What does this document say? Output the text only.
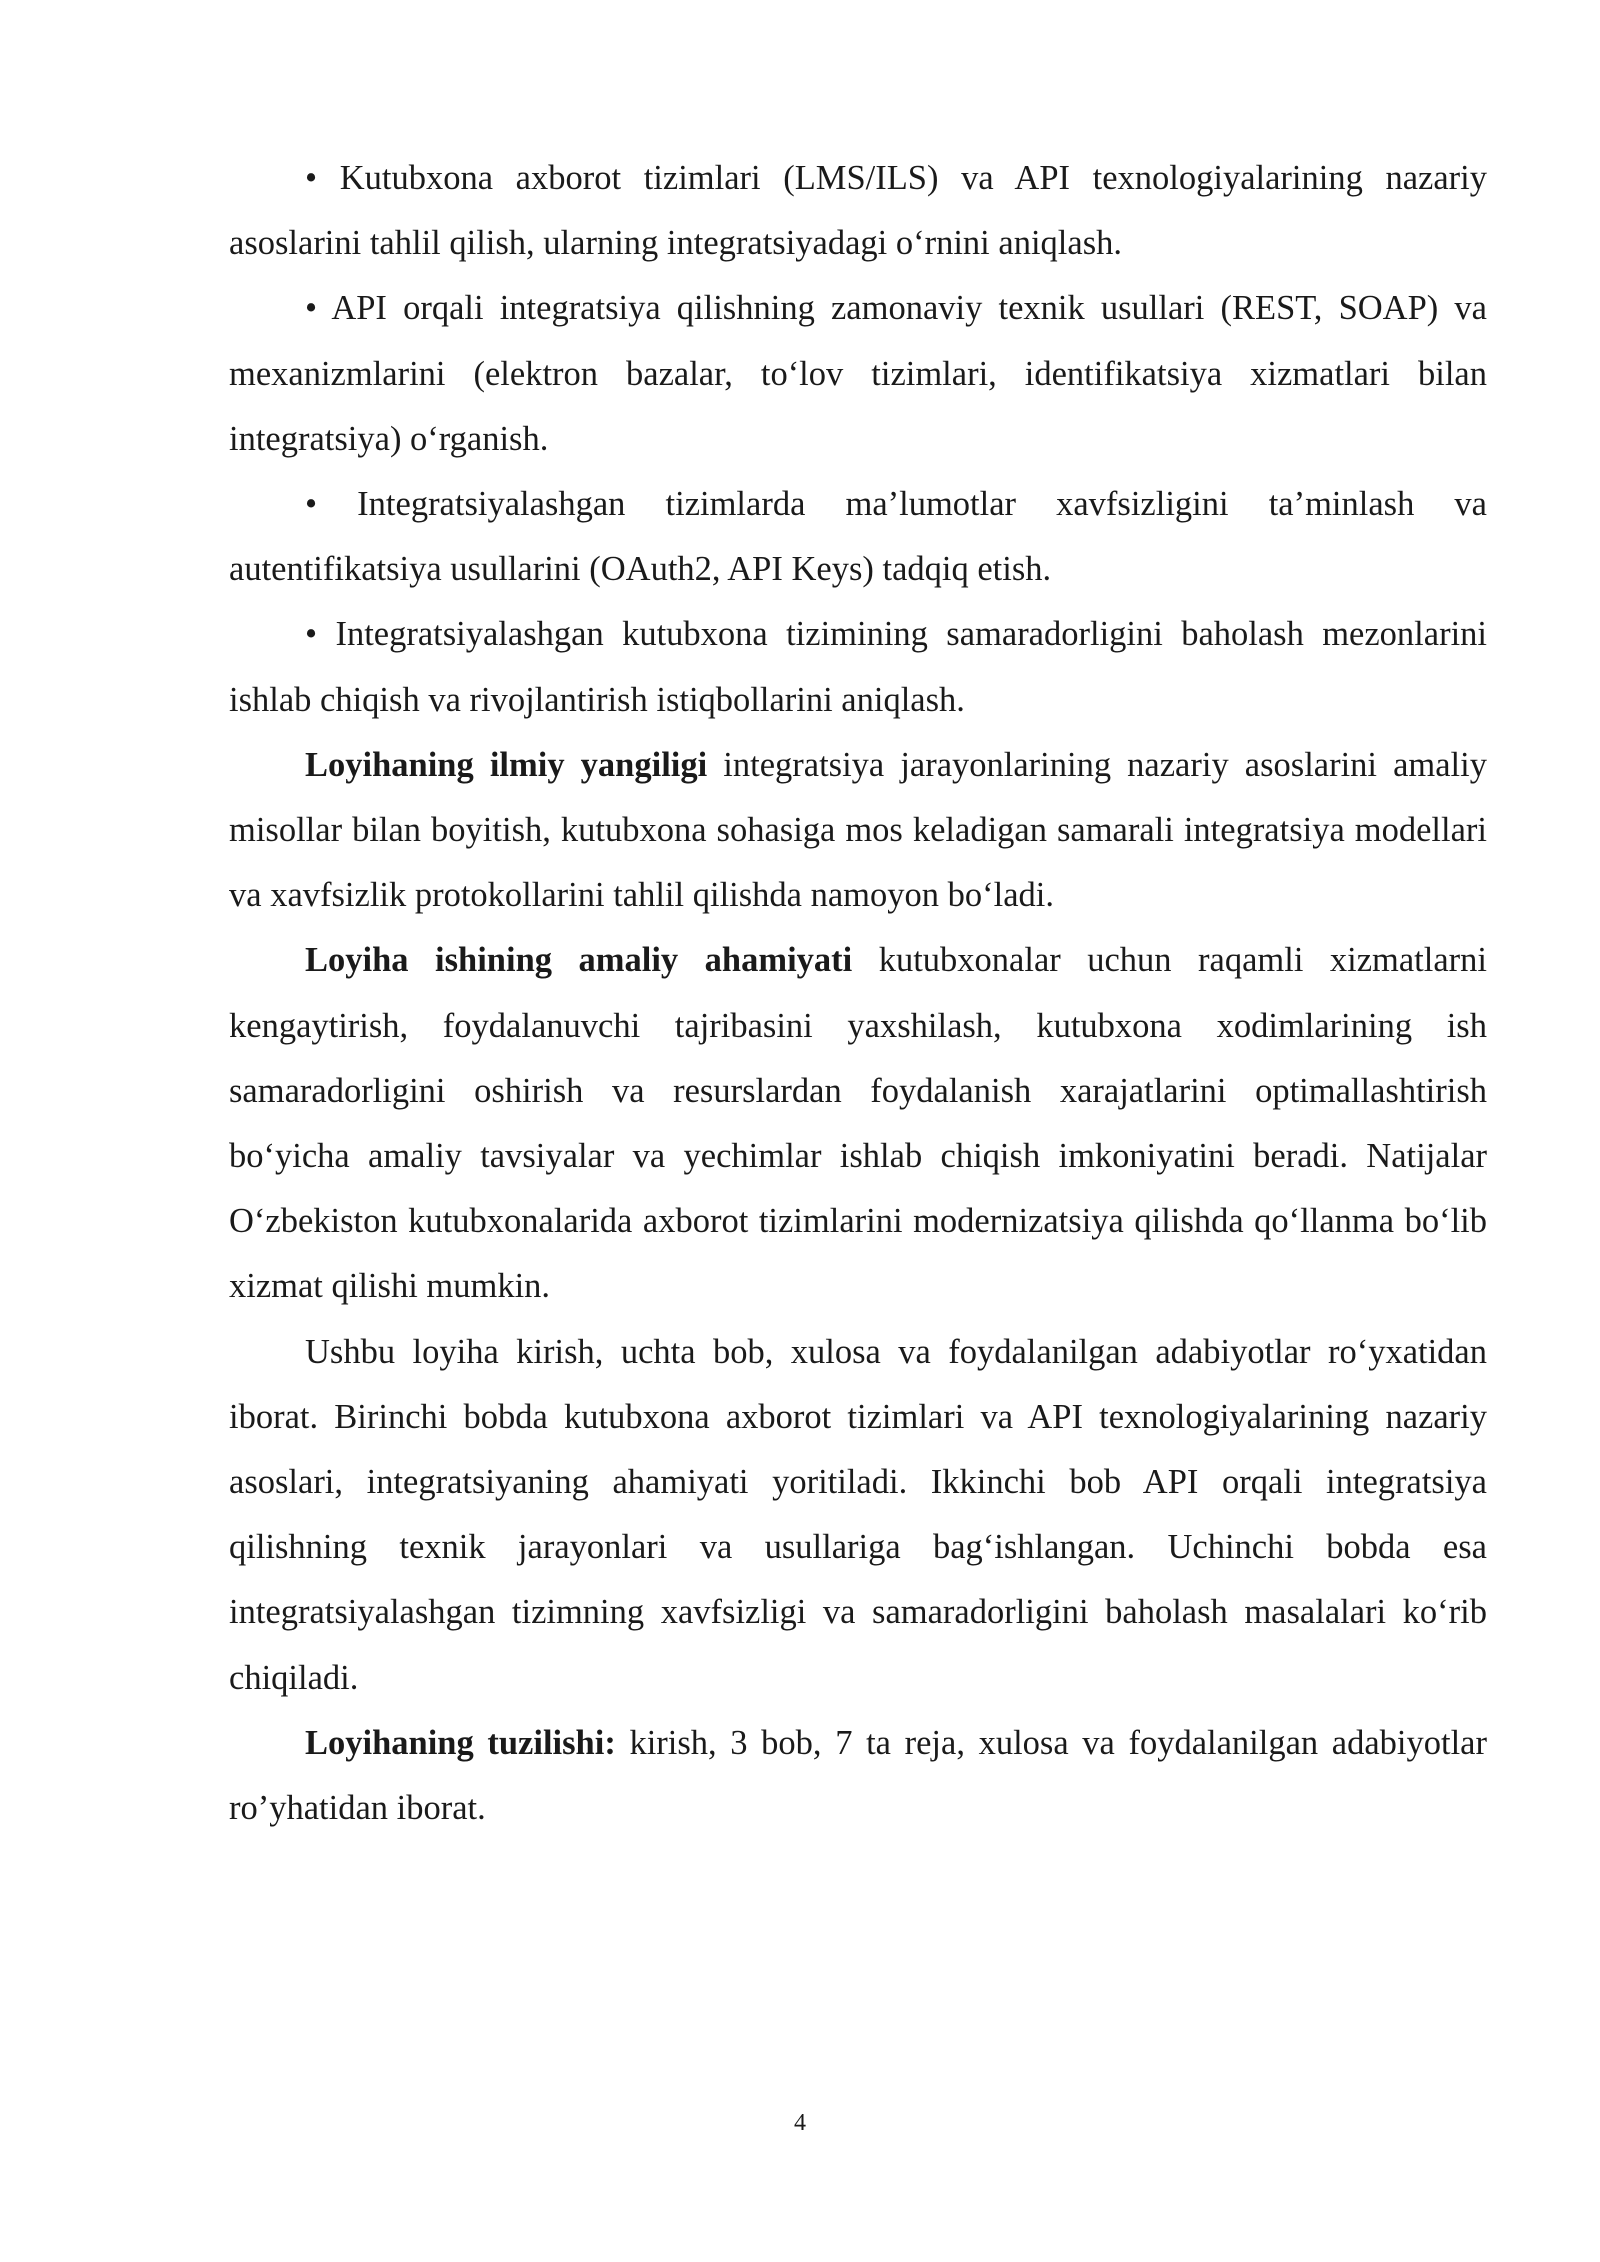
• Kutubxona axborot tizimlari (LMS/ILS) va API texnologiyalarining nazariy asoslarini tahlil qilish, ularning integratsiyadagi o‘rnini aniqlash.

• API orqali integratsiya qilishning zamonaviy texnik usullari (REST, SOAP) va mexanizmlarini (elektron bazalar, to‘lov tizimlari, identifikatsiya xizmatlari bilan integratsiya) o‘rganish.

• Integratsiyalashgan tizimlarda ma’lumotlar xavfsizligini ta’minlash va autentifikatsiya usullarini (OAuth2, API Keys) tadqiq etish.

• Integratsiyalashgan kutubxona tizimining samaradorligini baholash mezonlarini ishlab chiqish va rivojlantirish istiqbollarini aniqlash.

Loyihaning ilmiy yangiligi integratsiya jarayonlarining nazariy asoslarini amaliy misollar bilan boyitish, kutubxona sohasiga mos keladigan samarali integratsiya modellari va xavfsizlik protokollarini tahlil qilishda namoyon bo‘ladi.

Loyiha ishining amaliy ahamiyati kutubxonalar uchun raqamli xizmatlarni kengaytirish, foydalanuvchi tajribasini yaxshilash, kutubxona xodimlarining ish samaradorligini oshirish va resurslardan foydalanish xarajatlarini optimallashtirish bo‘yicha amaliy tavsiyalar va yechimlar ishlab chiqish imkoniyatini beradi. Natijalar O‘zbekiston kutubxonalarida axborot tizimlarini modernizatsiya qilishda qo‘llanma bo‘lib xizmat qilishi mumkin.

Ushbu loyiha kirish, uchta bob, xulosa va foydalanilgan adabiyotlar ro‘yxatidan iborat. Birinchi bobda kutubxona axborot tizimlari va API texnologiyalarining nazariy asoslari, integratsiyaning ahamiyati yoritiladi. Ikkinchi bob API orqali integratsiya qilishning texnik jarayonlari va usullariga bag‘ishlangan. Uchinchi bobda esa integratsiyalashgan tizimning xavfsizligi va samaradorligini baholash masalalari ko‘rib chiqiladi.

Loyihaning tuzilishi: kirish, 3 bob, 7 ta reja, xulosa va foydalanilgan adabiyotlar ro’yhatidan iborat.

4
